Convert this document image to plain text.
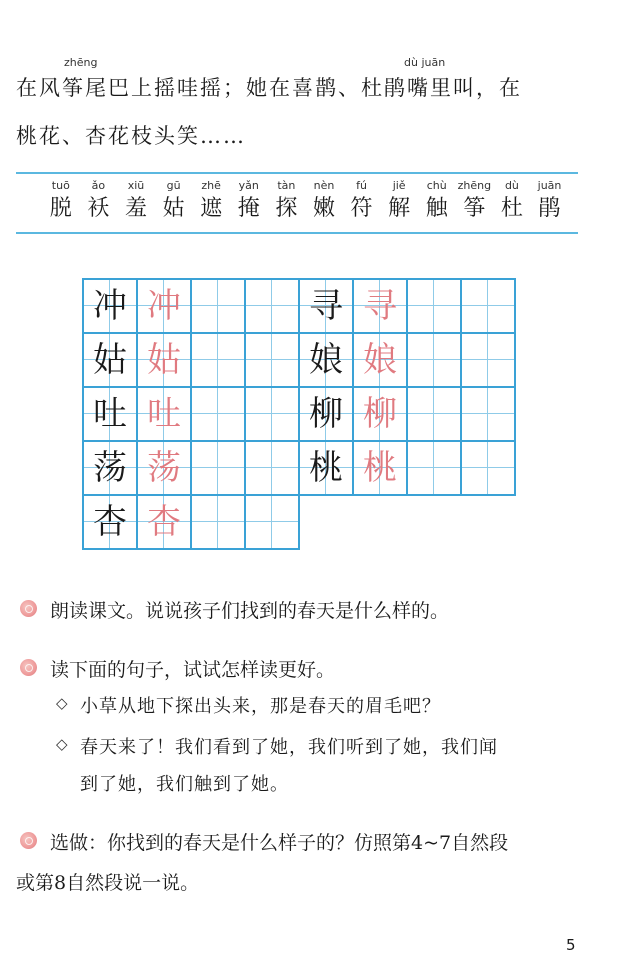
zhēng	dù juān
在风筝尾巴上摇哇摇；她在喜鹊、杜鹃嘴里叫，在
桃花、杏花枝头笑……
tuō
脱
ǎo
袄
xiū
羞
gū
姑
zhē
遮
yǎn
掩
tàn
探
nèn
嫩
fú
符
jiě
解
chù
触
zhēng
筝
dù
杜
juān
鹃
冲 冲
姑 姑
吐 吐
荡 荡
杏 杏
寻 寻
娘 娘
柳 柳
桃 桃
朗读课文。说说孩子们找到的春天是什么样的。
读下面的句子，试试怎样读更好。
◇ 小草从地下探出头来，那是春天的眉毛吧？
◇ 春天来了！我们看到了她，我们听到了她，我们闻
到了她，我们触到了她。
选做：你找到的春天是什么样子的？仿照第4~7自然段
或第8自然段说一说。
5
